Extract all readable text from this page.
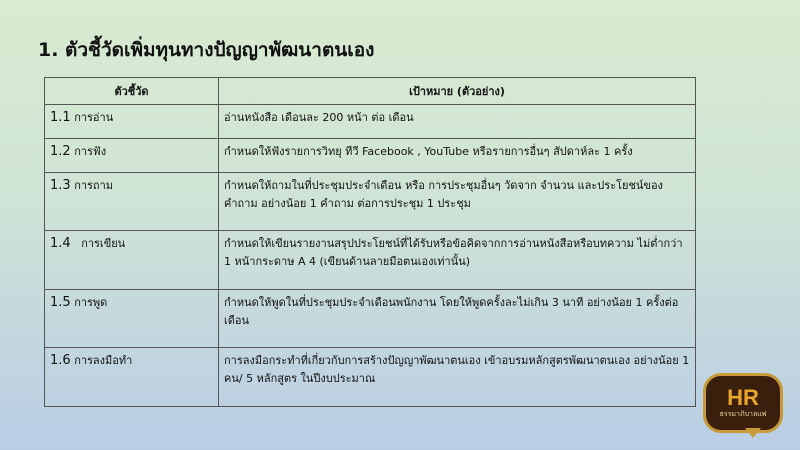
1. ตัวชี้วัดเพิ่มทุนทางปัญญาพัฒนาตนเอง
ตัวชี้วัด	เป้าหมาย (ตัวอย่าง)
1.1 การอ่าน	อ่านหนังสือ เดือนละ 200 หน้า ต่อ เดือน
1.2 การฟัง	กำหนดให้ฟังรายการวิทยุ ทีวี Facebook , YouTube หรือรายการอื่นๆ สัปดาห์ละ 1 ครั้ง
1.3 การถาม	กำหนดให้ถามในที่ประชุมประจำเดือน หรือ การประชุมอื่นๆ วัดจาก จำนวน และประโยชน์ของคำถาม อย่างน้อย 1 คำถาม ต่อการประชุม 1 ประชุม
1.4 การเขียน	กำหนดให้เขียนรายงานสรุปประโยชน์ที่ได้รับหรือข้อคิดจากการอ่านหนังสือหรือบทความ ไม่ต่ำกว่า 1 หน้ากระดาษ A 4 (เขียนด้านลายมือตนเองเท่านั้น)
1.5 การพูด	กำหนดให้พูดในที่ประชุมประจำเดือนพนักงาน โดยให้พูดครั้งละไม่เกิน 3 นาที อย่างน้อย 1 ครั้งต่อเดือน
1.6 การลงมือทำ	การลงมือกระทำที่เกี่ยวกับการสร้างปัญญาพัฒนาตนเอง เข้าอบรมหลักสูตรพัฒนาตนเอง อย่างน้อย 1 คน/ 5 หลักสูตร ในปีงบประมาณ
HR
ธรรมาภิบาลแพ่
